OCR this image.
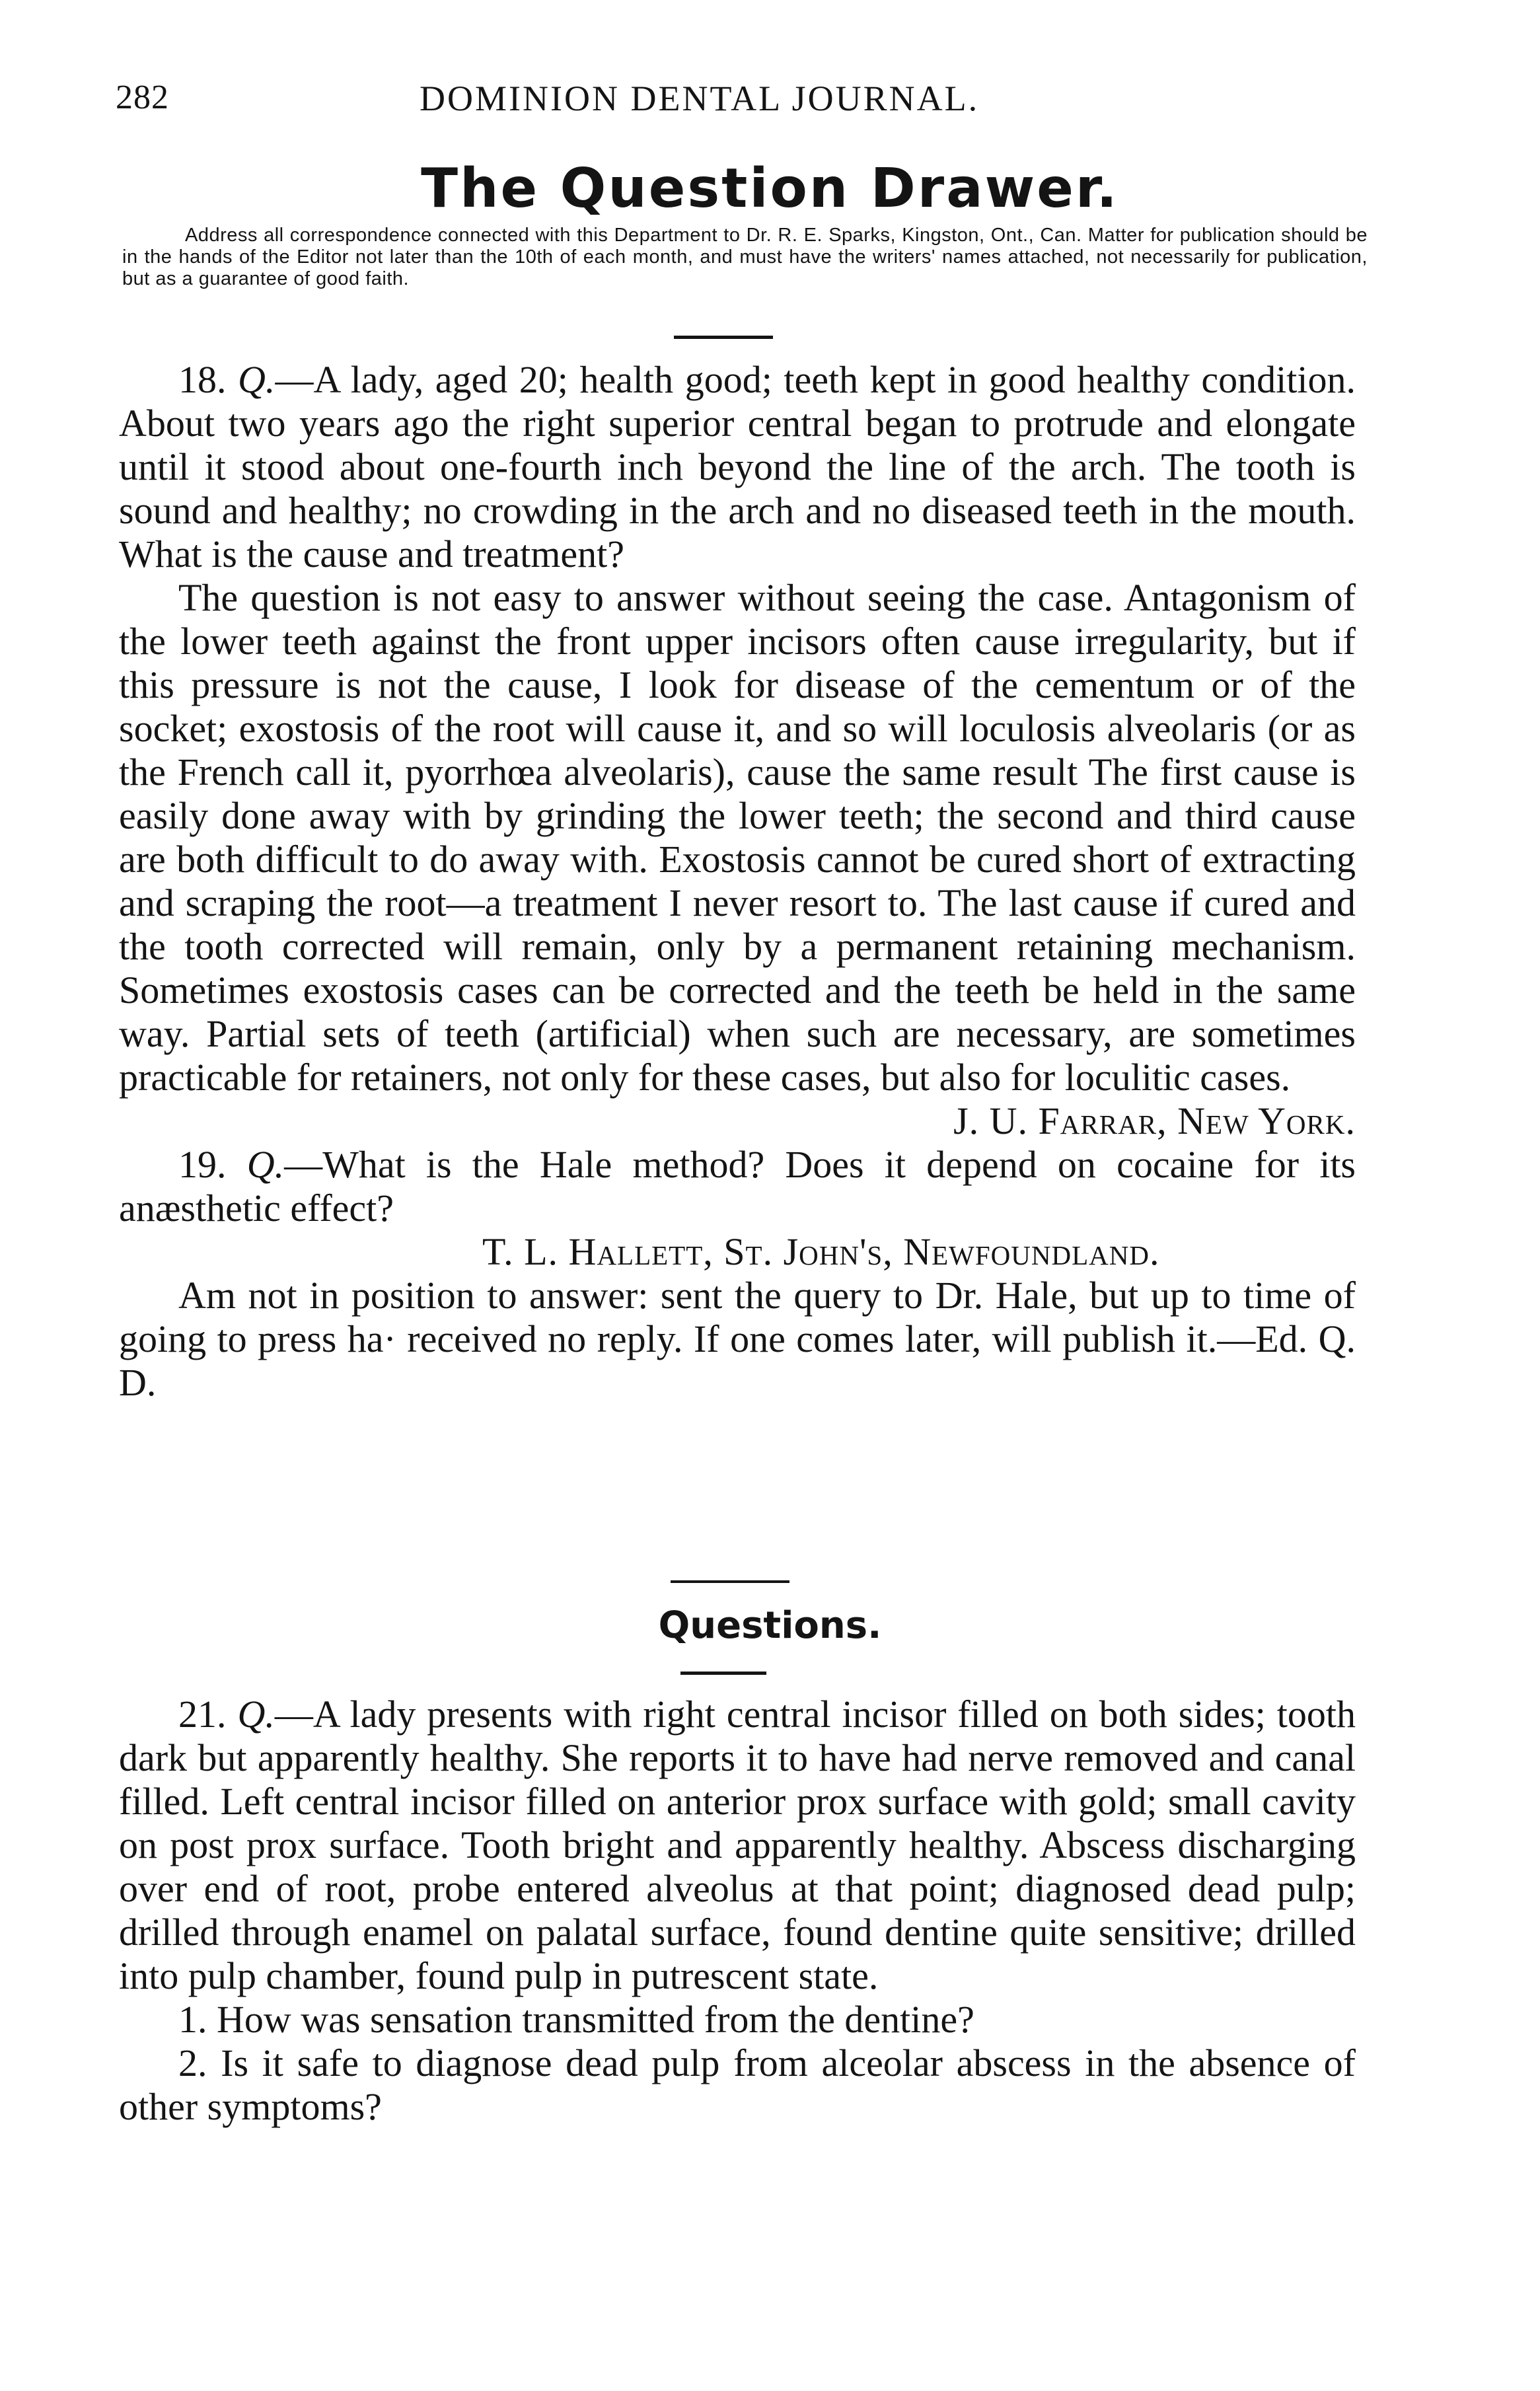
282	DOMINION DENTAL JOURNAL.
The Question Drawer.
Address all correspondence connected with this Department to Dr. R. E. Sparks, Kingston, Ont., Can. Matter for publication should be in the hands of the Editor not later than the 10th of each month, and must have the writers' names attached, not necessarily for publication, but as a guarantee of good faith.

18. Q.—A lady, aged 20; health good; teeth kept in good healthy condition. About two years ago the right superior central began to protrude and elongate until it stood about one-fourth inch beyond the line of the arch. The tooth is sound and healthy; no crowding in the arch and no diseased teeth in the mouth. What is the cause and treatment?

The question is not easy to answer without seeing the case. Antagonism of the lower teeth against the front upper incisors often cause irregularity, but if this pressure is not the cause, I look for disease of the cementum or of the socket; exostosis of the root will cause it, and so will loculosis alveolaris (or as the French call it, pyorrhœa alveolaris), cause the same result The first cause is easily done away with by grinding the lower teeth; the second and third cause are both difficult to do away with. Exostosis cannot be cured short of extracting and scraping the root—a treatment I never resort to. The last cause if cured and the tooth corrected will remain, only by a permanent retaining mechanism. Sometimes exostosis cases can be corrected and the teeth be held in the same way. Partial sets of teeth (artificial) when such are necessary, are sometimes practicable for retainers, not only for these cases, but also for loculitic cases.
J. U. Farrar, New York.

19. Q.—What is the Hale method? Does it depend on cocaine for its anæsthetic effect?
T. L. Hallett, St. John's, Newfoundland.

Am not in position to answer: sent the query to Dr. Hale, but up to time of going to press ha· received no reply. If one comes later, will publish it.—Ed. Q. D.

Questions.

21. Q.—A lady presents with right central incisor filled on both sides; tooth dark but apparently healthy. She reports it to have had nerve removed and canal filled. Left central incisor filled on anterior prox surface with gold; small cavity on post prox surface. Tooth bright and apparently healthy. Abscess discharging over end of root, probe entered alveolus at that point; diagnosed dead pulp; drilled through enamel on palatal surface, found dentine quite sensitive; drilled into pulp chamber, found pulp in putrescent state.

1. How was sensation transmitted from the dentine?

2. Is it safe to diagnose dead pulp from alceolar abscess in the absence of other symptoms?
